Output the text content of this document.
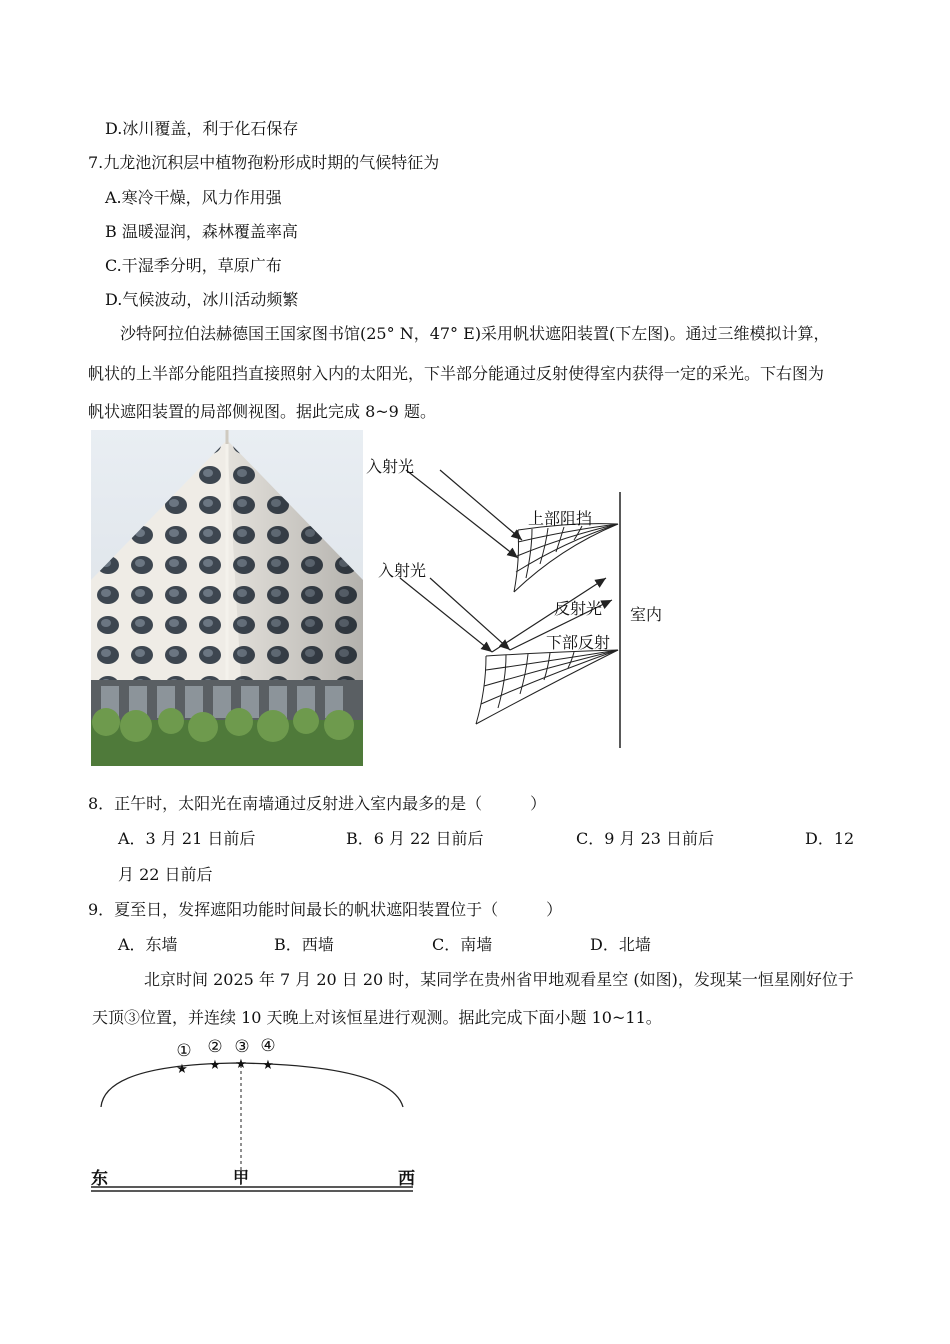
D.冰川覆盖，利于化石保存
7.九龙池沉积层中植物孢粉形成时期的气候特征为
A.寒冷干燥，风力作用强
B 温暖湿润，森林覆盖率高
C.干湿季分明，草原广布
D.气候波动，冰川活动频繁
沙特阿拉伯法赫德国王国家图书馆(25° N，47° E)采用帆状遮阳装置(下左图)。通过三维模拟计算，
帆状的上半部分能阻挡直接照射入内的太阳光，下半部分能通过反射使得室内获得一定的采光。下右图为
帆状遮阳装置的局部侧视图。据此完成 8~9 题。
入射光
入射光
上部阻挡
反射光
下部反射
室内
8．正午时，太阳光在南墙通过反射进入室内最多的是（　　　）
A．3 月 21 日前后	B．6 月 22 日前后	C．9 月 23 日前后	D．12
月 22 日前后
9．夏至日，发挥遮阳功能时间最长的帆状遮阳装置位于（　　　）
A．东墙	B．西墙	C．南墙	D．北墙
北京时间 2025 年 7 月 20 日 20 时，某同学在贵州省甲地观看星空 (如图)，发现某一恒星刚好位于
天顶③位置，并连续 10 天晚上对该恒星进行观测。据此完成下面小题 10~11。
★ ★ ★ ★
① ② ③ ④
东	甲	西
